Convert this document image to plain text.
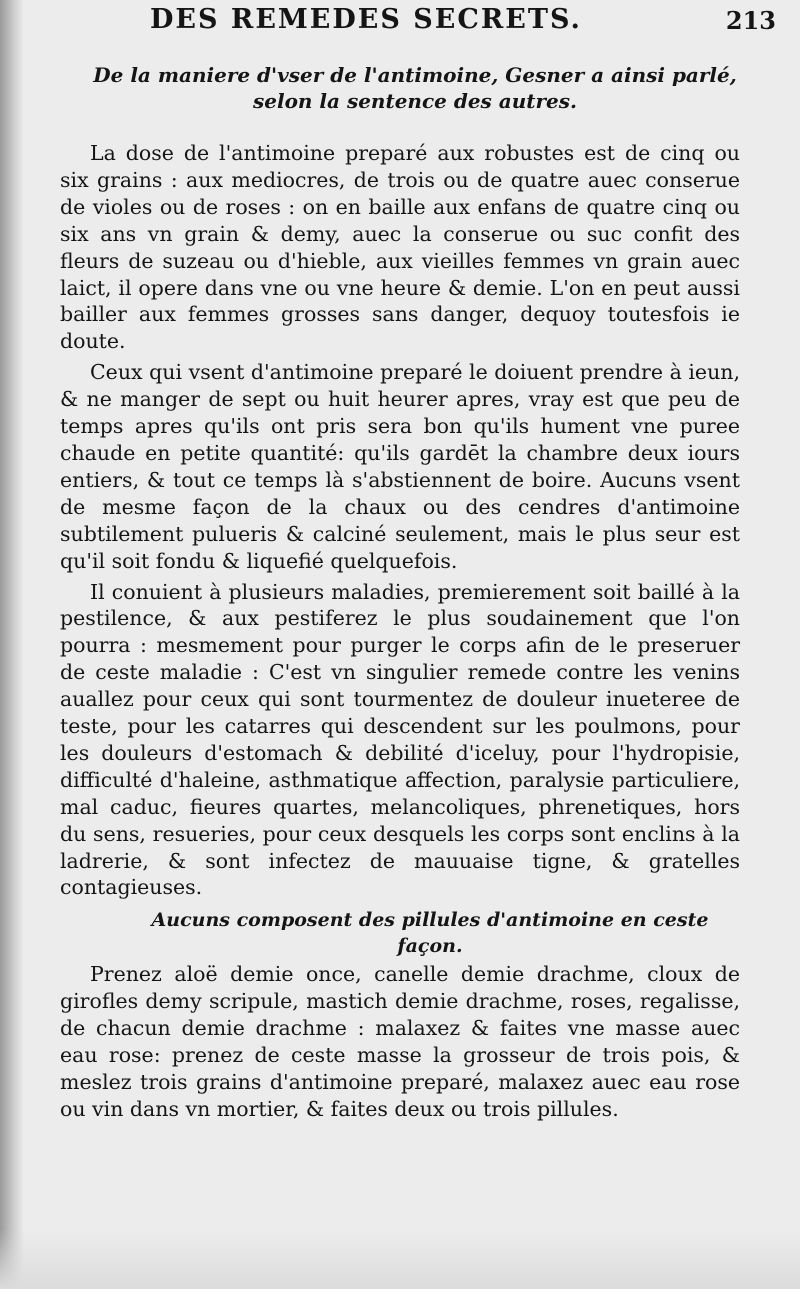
DES REMEDES SECRETS.	213
De la maniere d'vser de l'antimoine, Gesner a ainsi parlé, selon la sentence des autres.

La dose de l'antimoine preparé aux robustes est de cinq ou six grains : aux mediocres, de trois ou de quatre auec conserue de violes ou de roses : on en baille aux enfans de quatre cinq ou six ans vn grain & demy, auec la conserue ou suc confit des fleurs de suzeau ou d'hieble, aux vieilles femmes vn grain auec laict, il opere dans vne ou vne heure & demie. L'on en peut aussi bailler aux femmes grosses sans danger, dequoy toutesfois ie doute.

Ceux qui vsent d'antimoine preparé le doiuent prendre à ieun, & ne manger de sept ou huit heurer apres, vray est que peu de temps apres qu'ils ont pris sera bon qu'ils hument vne puree chaude en petite quantité: qu'ils gardēt la chambre deux iours entiers, & tout ce temps là s'abstiennent de boire. Aucuns vsent de mesme façon de la chaux ou des cendres d'antimoine subtilement pulueris & calciné seulement, mais le plus seur est qu'il soit fondu & liquefié quelquefois.

Il conuient à plusieurs maladies, premierement soit baillé à la pestilence, & aux pestiferez le plus soudainement que l'on pourra : mesmement pour purger le corps afin de le preseruer de ceste maladie : C'est vn singulier remede contre les venins auallez pour ceux qui sont tourmentez de douleur inueteree de teste, pour les catarres qui descendent sur les poulmons, pour les douleurs d'estomach & debilité d'iceluy, pour l'hydropisie, difficulté d'haleine, asthmatique affection, paralysie particuliere, mal caduc, fieures quartes, melancoliques, phrenetiques, hors du sens, resueries, pour ceux desquels les corps sont enclins à la ladrerie, & sont infectez de mauuaise tigne, & gratelles contagieuses.

Aucuns composent des pillules d'antimoine en ceste façon.

Prenez aloë demie once, canelle demie drachme, cloux de girofles demy scripule, mastich demie drachme, roses, regalisse, de chacun demie drachme : malaxez & faites vne masse auec eau rose: prenez de ceste masse la grosseur de trois pois, & meslez trois grains d'antimoine preparé, malaxez auec eau rose ou vin dans vn mortier, & faites deux ou trois pillules.
